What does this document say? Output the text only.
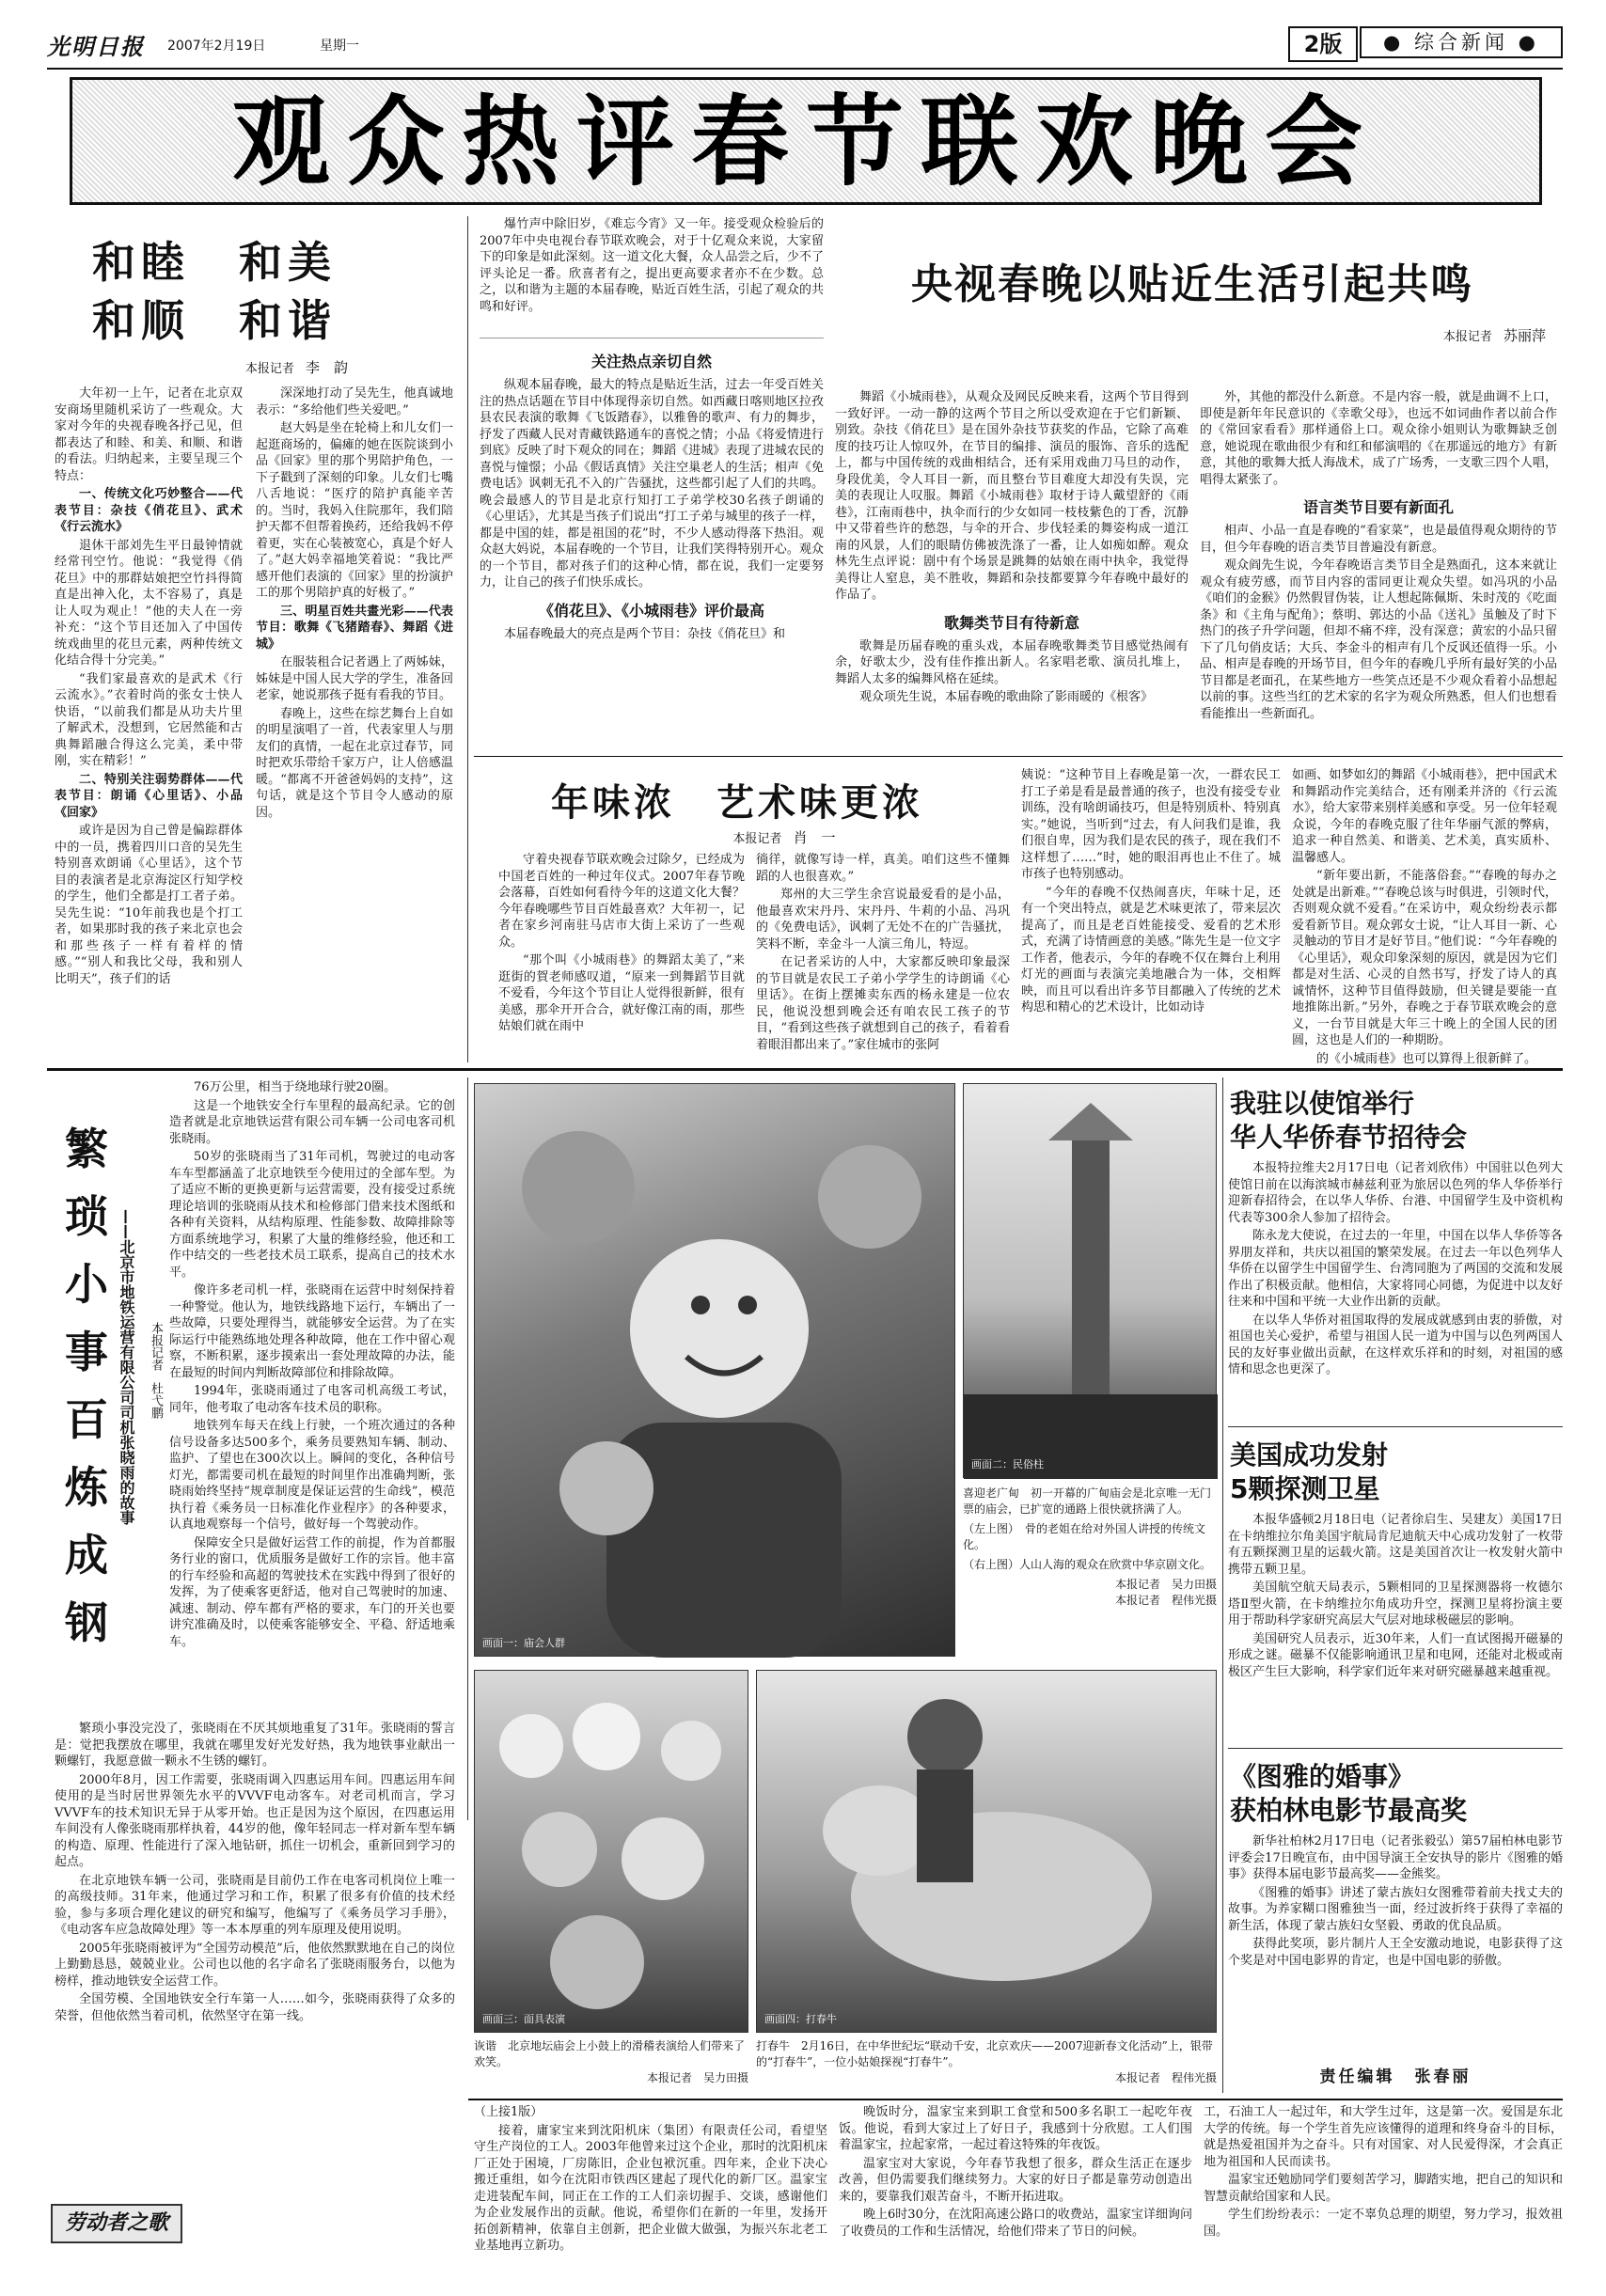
光明日报 2007年2月19日	星期一	2版	● 综合新闻 ●
观众热评春节联欢晚会
和睦　和美
和顺　和谐
本报记者 李　韵

大年初一上午，记者在北京双安商场里随机采访了一些观众。大家对今年的央视春晚各抒己见，但都表达了和睦、和美、和顺、和谐的看法。归纳起来，主要呈现三个特点：

一、传统文化巧妙整合——代表节目：杂技《俏花旦》、武术《行云流水》

退休干部刘先生平日最钟情就经常刊空竹。他说：“我觉得《俏花旦》中的那群姑娘把空竹抖得简直是出神入化，太不容易了，真是让人叹为观止！”他的夫人在一旁补充：“这个节目还加入了中国传统戏曲里的花旦元素，两种传统文化结合得十分完美。”

“我们家最喜欢的是武术《行云流水》。”衣着时尚的张女士快人快语，“以前我们都是从功夫片里了解武术，没想到，它居然能和古典舞蹈融合得这么完美，柔中带刚，实在精彩！”

二、特别关注弱势群体——代表节目：朗诵《心里话》、小品《回家》

或许是因为自己曾是偏踪群体中的一员，携着四川口音的吴先生特别喜欢朗诵《心里话》，这个节目的表演者是北京海淀区行知学校的学生，他们全都是打工者子弟。吴先生说：“10年前我也是个打工者，如果那时我的孩子来北京也会和那些孩子一样有着样的情感。”“别人和我比父母，我和别人比明天”，孩子们的话

深深地打动了吴先生，他真诚地表示：“多给他们些关爱吧。”

赵大妈是坐在轮椅上和儿女们一起逛商场的，偏瘫的她在医院谈到小品《回家》里的那个男陪护角色，一下子戳到了深刻的印象。儿女们七嘴八舌地说：“医疗的陪护真能辛苦的。当时，我妈入住院那年，我们陪护天都不但帮着换药，还给我妈不停着更，实在心装被宽心，真是个好人了。”赵大妈幸福地笑着说：“我比严感开他们表演的《回家》里的扮演护工的那个男陪护真的好极了。”

三、明星百姓共畫光彩——代表节目：歌舞《飞猪踏春》、舞蹈《进城》

在服装租合记者遇上了两姊妹，姊妹是中国人民大学的学生，准备回老家，她说那孩子挺有看我的节目。

春晚上，这些在综艺舞台上自如的明星演唱了一首，代表家里人与朋友们的真情，一起在北京过春节，同时把欢乐带给千家万户，让人倍感温暖。“都离不开爸爸妈妈的支持”，这句话，就是这个节目令人感动的原因。

爆竹声中除旧岁，《难忘今宵》又一年。接受观众检验后的2007年中央电视台春节联欢晚会，对于十亿观众来说，大家留下的印象是如此深刻。这一道文化大餐，众人品尝之后，少不了评头论足一番。欣喜者有之，提出更高要求者亦不在少数。总之，以和谐为主题的本届春晚，贴近百姓生活，引起了观众的共鸣和好评。	央视春晚以贴近生活引起共鸣
本报记者 苏丽萍
关注热点亲切自然

纵观本届春晚，最大的特点是贴近生活，过去一年受百姓关注的热点话题在节目中体现得亲切自然。如西藏日喀则地区拉孜县农民表演的歌舞《飞饭踏春》，以雅鲁的歌声、有力的舞步，抒发了西藏人民对青藏铁路通车的喜悦之情；小品《将爱情进行到底》反映了时下观众的同在；舞蹈《进城》表现了进城农民的喜悦与憧憬；小品《假话真情》关注空巢老人的生活；相声《免费电话》讽刺无孔不入的广告骚扰，这些都引起了人们的共鸣。晚会最感人的节目是北京行知打工子弟学校30名孩子朗诵的《心里话》，尤其是当孩子们说出“打工子弟与城里的孩子一样，都是中国的娃，都是祖国的花”时，不少人感动得落下热泪。观众赵大妈说，本届春晚的一个节目，让我们笑得特别开心。观众的一个节目，都对孩子们的这种心情，都在说，我们一定要努力，让自己的孩子们快乐成长。

《俏花旦》、《小城雨巷》评价最高

本届春晚最大的亮点是两个节目：杂技《俏花旦》和

舞蹈《小城雨巷》，从观众及网民反映来看，这两个节目得到一致好评。一动一静的这两个节目之所以受欢迎在于它们新颖、别致。杂技《俏花旦》是在国外杂技节获奖的作品，它除了高难度的技巧让人惊叹外，在节目的编排、演员的服饰、音乐的选配上，都与中国传统的戏曲相结合，还有采用戏曲刀马旦的动作，身段优美，令人耳目一新，而且整台节目难度大却没有失误，完美的表现让人叹服。舞蹈《小城雨巷》取材于诗人戴望舒的《雨巷》，江南雨巷中，执伞而行的少女如同一枝枝紫色的丁香，沉静中又带着些许的愁怨，与伞的开合、步伐轻柔的舞姿构成一道江南的风景，人们的眼睛仿佛被洗涤了一番，让人如痴如醉。观众林先生点评说：剧中有个场景是跳舞的姑娘在雨中执伞，我觉得美得让人窒息，美不胜收，舞蹈和杂技都要算今年春晚中最好的作品了。

歌舞类节目有待新意

歌舞是历届春晚的重头戏，本届春晚歌舞类节目感觉热闹有余，好歌太少，没有佳作推出新人。名家唱老歌、演员扎堆上，舞蹈人太多的编舞风格在延续。

观众项先生说，本届春晚的歌曲除了影雨暖的《根客》

外，其他的都没什么新意。不是内容一般，就是曲调不上口，即使是新年年民意识的《幸歌父母》，也远不如词曲作者以前合作的《常回家看看》那样通俗上口。观众徐小姐则认为歌舞缺乏创意，她说现在歌曲很少有和红和郁演唱的《在那遥远的地方》有新意，其他的歌舞大抵人海战术，成了广场秀，一支歌三四个人唱，唱得太紧张了。

语言类节目要有新面孔

相声、小品一直是春晚的“看家菜”，也是最值得观众期待的节目，但今年春晚的语言类节目普遍没有新意。

观众阎先生说，今年春晚语言类节目全是熟面孔，这本来就让观众有疲劳感，而节目内容的雷同更让观众失望。如冯巩的小品《咱们的金猴》仍然假冒伪装，让人想起陈佩斯、朱时茂的《吃面条》和《主角与配角》；蔡明、郭达的小品《送礼》虽触及了时下热门的孩子升学问题，但却不痛不痒，没有深意；黄宏的小品只留下了几句俏皮话；大兵、李金斗的相声有几个反讽还值得一乐。小品、相声是春晚的开场节目，但今年的春晚几乎所有最好笑的小品节目都是老面孔，在某些地方一些笑点还是不少观众看着小品想起以前的事。这些当红的艺术家的名字为观众所熟悉，但人们也想看看能推出一些新面孔。

年味浓　艺术味更浓
本报记者 肖　一

守着央视春节联欢晚会过除夕，已经成为中国老百姓的一种过年仪式。2007年春节晚会落幕，百姓如何看待今年的这道文化大餐？今年春晚哪些节目百姓最喜欢？大年初一，记者在家乡河南驻马店市大街上采访了一些观众。

“那个叫《小城雨巷》的舞蹈太美了，”来逛街的賀老师感叹道，“原来一到舞蹈节目就不爱看，今年这个节目让人觉得很新鲜，很有美感，那伞开开合合，就好像江南的雨，那些姑娘们就在雨中

徜徉，就像写诗一样，真美。咱们这些不懂舞蹈的人也很喜欢。”

郑州的大三学生余宫说最爱看的是小品，他最喜欢宋丹丹、宋丹丹、牛莉的小品、冯巩的《免费电话》，讽刺了无处不在的广告骚扰，笑料不断，幸金斗一人演三角儿，特逗。

在记者采访的人中，大家都反映印象最深的节目就是农民工子弟小学学生的诗朗诵《心里话》。在街上摆摊卖东西的杨永建是一位农民，他说没想到晚会还有咱农民工孩子的节目，“看到这些孩子就想到自己的孩子，看着看着眼泪都出来了。”家住城市的张阿

姨说：“这种节目上春晚是第一次，一群农民工打工子弟是看是最普通的孩子，也没有接受专业训练，没有啥朗诵技巧，但是特别质朴、特别真实。”她说，当听到“过去，有人问我们是谁，我们很自卑，因为我们是农民的孩子，现在我们不这样想了……”时，她的眼泪再也止不住了。城市孩子也特别感动。

“今年的春晚不仅热闹喜庆，年味十足，还有一个突出特点，就是艺术味更浓了，带来层次提高了，而且是老百姓能接受、爱看的艺术形式，充满了诗情画意的美感。”陈先生是一位文字工作者，他表示，今年的春晚不仅在舞台上利用灯光的画面与表演完美地融合为一体，交相辉映，而且可以看出许多节目都融入了传统的艺术构思和精心的艺术设计，比如动诗

如画、如梦如幻的舞蹈《小城雨巷》，把中国武术和舞蹈动作完美结合，还有刚柔并济的《行云流水》，给大家带来别样美感和享受。另一位年轻观众说，今年的春晚克服了往年华丽气派的弊病，追求一种自然美、和谐美、艺术美，真实质朴、温馨感人。

“新年要出新，不能落俗套。”“春晚的每办之处就是出新难。”“春晚总该与时俱进，引领时代，否则观众就不爱看。”在采访中，观众纷纷表示都爱看新节目。观众郭女士说，“让人耳目一新、心灵触动的节目才是好节目。”他们说：“今年春晚的《心里话》，观众印象深刻的原因，就是因为它们都是对生活、心灵的自然书写，抒发了诗人的真诚情怀，这种节目值得鼓励，但关键是要能一直地推陈出新。”另外，春晚之于春节联欢晚会的意义，一台节目就是大年三十晚上的全国人民的团圆，这也是人们的一种期盼。

的《小城雨巷》也可以算得上很新鲜了。

繁
琐
小
事
百
炼
成
钢
——北京市地铁运营有限公司司机张晓雨的故事	本报记者 杜弋鹏

76万公里，相当于绕地球行驶20圈。

这是一个地铁安全行车里程的最高纪录。它的创造者就是北京地铁运营有限公司车辆一公司电客司机张晓雨。

50岁的张晓雨当了31年司机，驾驶过的电动客车车型都涵盖了北京地铁至今使用过的全部车型。为了适应不断的更换更新与运营需要，没有接受过系统理论培训的张晓雨从技术和检修部门借来技术图纸和各种有关资料，从结构原理、性能参数、故障排除等方面系统地学习，积累了大量的维修经验，他还和工作中结交的一些老技术员工联系，提高自己的技术水平。

像许多老司机一样，张晓雨在运营中时刻保持着一种警觉。他认为，地铁线路地下运行，车辆出了一些故障，只要处理得当，就能够安全运营。为了在实际运行中能熟练地处理各种故障，他在工作中留心观察，不断积累，逐步摸索出一套处理故障的办法，能在最短的时间内判断故障部位和排除故障。

1994年，张晓雨通过了电客司机高级工考试，同年，他考取了电动客车技术员的职称。

地铁列车每天在线上行驶，一个班次通过的各种信号设备多达500多个，乘务员要熟知车辆、制动、监护、了望也在300次以上。瞬间的变化，各种信号灯光，都需要司机在最短的时间里作出准确判断，张晓雨始终坚持“规章制度是保证运营的生命线”，模范执行着《乘务员一日标准化作业程序》的各种要求，认真地观察每一个信号，做好每一个驾驶动作。

保障安全只是做好运营工作的前提，作为首都服务行业的窗口，优质服务是做好工作的宗旨。他丰富的行车经验和高超的驾驶技术在实践中得到了很好的发挥，为了使乘客更舒适，他对自己驾驶时的加速、减速、制动、停车都有严格的要求，车门的开关也要讲究准确及时，以使乘客能够安全、平稳、舒适地乘车。

繁琐小事没完没了，张晓雨在不厌其烦地重复了31年。张晓雨的誓言是：觉把我摆放在哪里，我就在哪里发好光发好热，我为地铁事业献出一颗螺钉，我愿意做一颗永不生锈的螺钉。

2000年8月，因工作需要，张晓雨调入四惠运用车间。四惠运用车间使用的是当时居世界领先水平的VVVF电动客车。对老司机而言，学习VVVF车的技术知识无异于从零开始。也正是因为这个原因，在四惠运用车间没有人像张晓雨那样执着，44岁的他，像年轻同志一样对新车型车辆的构造、原理、性能进行了深入地钻研，抓住一切机会，重新回到学习的起点。

在北京地铁车辆一公司，张晓雨是目前仍工作在电客司机岗位上唯一的高级技师。31年来，他通过学习和工作，积累了很多有价值的技术经验，参与多项合理化建议的研究和编写，他编写了《乘务员学习手册》，《电动客车应急故障处理》等一本本厚重的列车原理及使用说明。

2005年张晓雨被评为“全国劳动模范”后，他依然默默地在自己的岗位上勤勤恳恳，兢兢业业。公司也以他的名字命名了张晓雨服务台，以他为榜样，推动地铁安全运营工作。

全国劳模、全国地铁安全行车第一人……如今，张晓雨获得了众多的荣誉，但他依然当着司机，依然坚守在第一线。

画面一：庙会人群
画面二：民俗柱
喜迎老广甸　初一开幕的广甸庙会是北京唯一无门票的庙会，已扩宽的通路上很快就挤满了人。
（左上图）　骨的老姐在给对外国人讲授的传统文化。
（右上图）人山人海的观众在欣赏中华京剧文化。
本报记者　吴力田摄
本报记者　程伟光摄
画面三：面具表演	画面四：打春牛
诙谐　北京地坛庙会上小鼓上的滑稽表演给人们带来了欢笑。
本报记者　吴力田摄
打春牛　2月16日，在中华世纪坛“联动千安，北京欢庆——2007迎新春文化活动”上，银带的“打春牛”，一位小姑娘探视“打春牛”。
本报记者　程伟光摄
我驻以使馆举行
华人华侨春节招待会

本报特拉维夫2月17日电（记者刘欣伟）中国驻以色列大使馆日前在以海滨城市赫兹利亚为旅居以色列的华人华侨举行迎新春招待会，在以华人华侨、台港、中国留学生及中资机构代表等300余人参加了招待会。

陈永龙大使说，在过去的一年里，中国在以华人华侨等各界朋友祥和，共庆以祖国的繁荣发展。在过去一年以色列华人华侨在以留学生中国留学生、台湾同胞为了两国的交流和发展作出了积极贡献。他相信，大家将同心同德，为促进中以友好往来和中国和平统一大业作出新的贡献。

在以华人华侨对祖国取得的发展成就感到由衷的骄傲，对祖国也关心爱护，希望与祖国人民一道为中国与以色列两国人民的友好事业做出贡献，在这样欢乐祥和的时刻，对祖国的感情和思念也更深了。

美国成功发射
5颗探测卫星

本报华盛顿2月18日电（记者徐启生、吴建友）美国17日在卡纳维拉尔角美国宇航局肯尼迪航天中心成功发射了一枚带有五颗探测卫星的运载火箭。这是美国首次让一枚发射火箭中携带五颗卫星。

美国航空航天局表示，5颗相同的卫星探测器将一枚德尔塔Ⅱ型火箭，在卡纳维拉尔角成功升空，探测卫星将扮演主要用于帮助科学家研究高层大气层对地球极磁层的影响。

美国研究人员表示，近30年来，人们一直试图揭开磁暴的形成之谜。磁暴不仅能影响通讯卫星和电网，还能对北极或南极区产生巨大影响，科学家们近年来对研究磁暴越来越重视。

《图雅的婚事》
获柏林电影节最高奖

新华社柏林2月17日电（记者张毅弘）第57届柏林电影节评委会17日晚宣布，由中国导演王全安执导的影片《图雅的婚事》获得本届电影节最高奖——金熊奖。

《图雅的婚事》讲述了蒙古族妇女图雅带着前夫找丈夫的故事。为养家糊口图雅独当一面，经过波折终于获得了幸福的新生活，体现了蒙古族妇女坚毅、勇敢的优良品质。

获得此奖项，影片制片人王全安激动地说，电影获得了这个奖是对中国电影界的肯定，也是中国电影的骄傲。

责任编辑 张春丽
劳动者之歌

（上接1版）

接着，庸家宝来到沈阳机床（集团）有限责任公司，看望坚守生产岗位的工人。2003年他曾来过这个企业，那时的沈阳机床厂正处于困境，厂房陈旧，企业包袱沉重。四年来，企业下决心搬迁重组，如今在沈阳市铁西区建起了现代化的新厂区。温家宝走进装配车间，同正在工作的工人们亲切握手、交谈，感谢他们为企业发展作出的贡献。他说，希望你们在新的一年里，发扬开拓创新精神，依靠自主创新，把企业做大做强，为振兴东北老工业基地再立新功。

晚饭时分，温家宝来到职工食堂和500多名职工一起吃年夜饭。他说，看到大家过上了好日子，我感到十分欣慰。工人们围着温家宝，拉起家常，一起过着这特殊的年夜饭。

温家宝对大家说，今年春节我想了很多，群众生活正在逐步改善，但仍需要我们继续努力。大家的好日子都是靠劳动创造出来的，要靠我们艰苦奋斗，不断开拓进取。

晚上6时30分，在沈阳高速公路口的收费站，温家宝详细询问了收费员的工作和生活情况，给他们带来了节日的问候。

工，石油工人一起过年，和大学生过年，这是第一次。爱国是东北大学的传统。每一个学生首先应该懂得的道理和终身奋斗的目标，就是热爱祖国并为之奋斗。只有对国家、对人民爱得深，才会真正地为祖国和人民而读书。

温家宝还勉励同学们要刻苦学习，脚踏实地，把自己的知识和智慧贡献给国家和人民。

学生们纷纷表示：一定不辜负总理的期望，努力学习，报效祖国。
